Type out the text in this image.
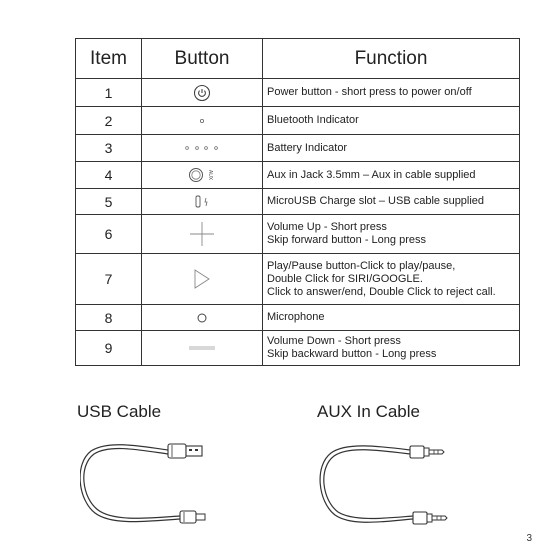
Item	Button	Function
1		Power button - short press to power on/off

2		Bluetooth Indicator

3		Battery Indicator

4	AUX	Aux in Jack 3.5mm – Aux in cable supplied

5		MicroUSB Charge slot – USB cable supplied

6		Volume Up - Short press
Skip forward button - Long press

7		Play/Pause button-Click to play/pause,
Double Click for SIRI/GOOGLE.
Click to answer/end, Double Click to reject call.

8		Microphone

9		Volume Down - Short press
Skip backward button - Long press
USB Cable	AUX In Cable
3
